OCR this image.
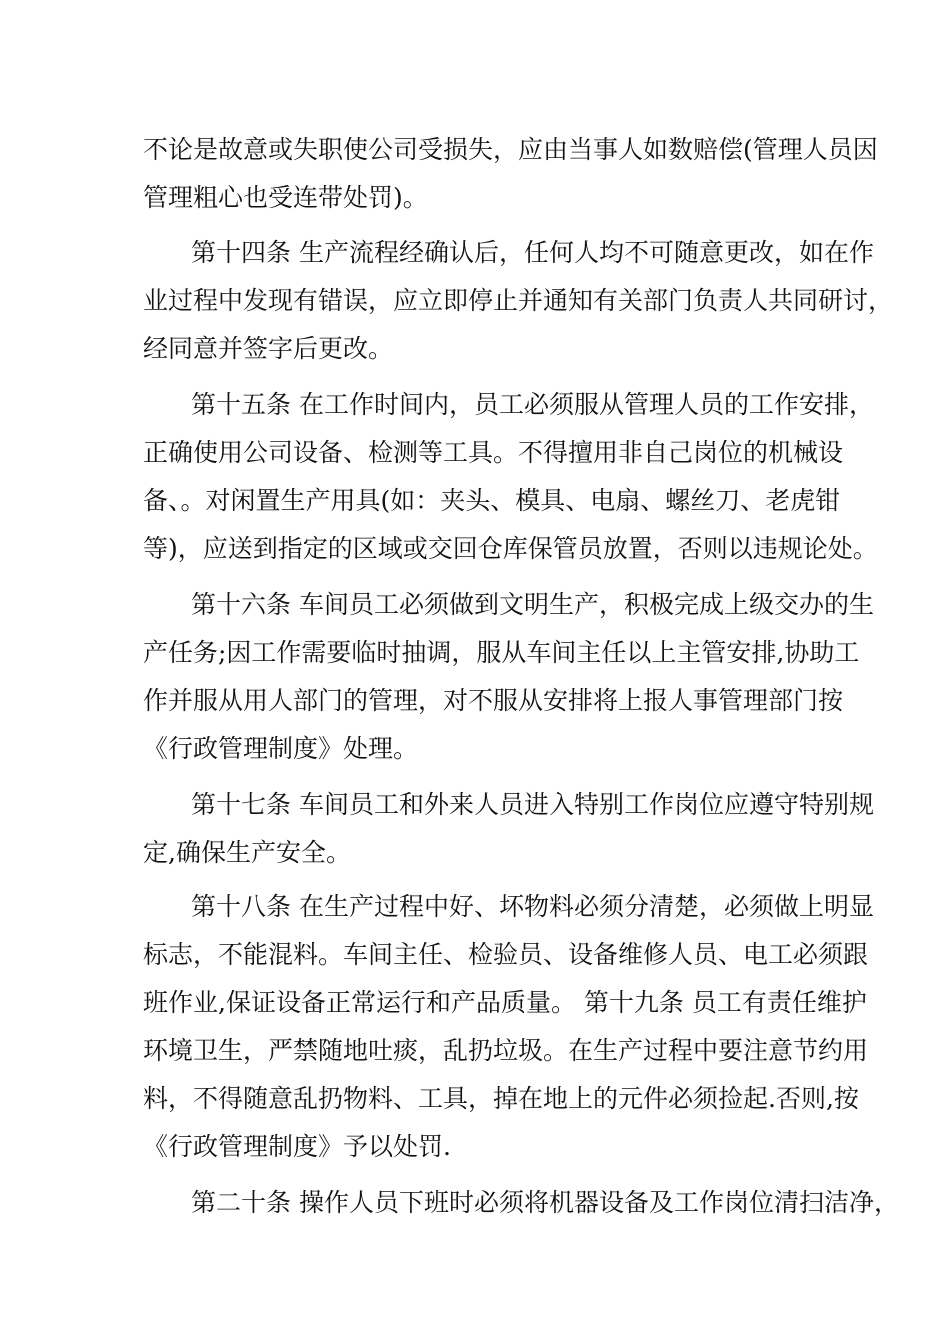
不论是故意或失职使公司受损失，应由当事人如数赔偿(管理人员因
管理粗心也受连带处罚)。
第十四条 生产流程经确认后，任何人均不可随意更改，如在作
业过程中发现有错误，应立即停止并通知有关部门负责人共同研讨，
经同意并签字后更改。
第十五条 在工作时间内，员工必须服从管理人员的工作安排，
正确使用公司设备、检测等工具。不得擅用非自己岗位的机械设
备、。对闲置生产用具(如：夹头、模具、电扇、螺丝刀、老虎钳
等)，应送到指定的区域或交回仓库保管员放置，否则以违规论处。
第十六条 车间员工必须做到文明生产，积极完成上级交办的生
产任务;因工作需要临时抽调，服从车间主任以上主管安排,协助工
作并服从用人部门的管理，对不服从安排将上报人事管理部门按
《行政管理制度》处理。
第十七条 车间员工和外来人员进入特别工作岗位应遵守特别规
定,确保生产安全。
第十八条 在生产过程中好、坏物料必须分清楚，必须做上明显
标志，不能混料。车间主任、检验员、设备维修人员、电工必须跟
班作业,保证设备正常运行和产品质量。 第十九条 员工有责任维护
环境卫生，严禁随地吐痰，乱扔垃圾。在生产过程中要注意节约用
料，不得随意乱扔物料、工具，掉在地上的元件必须捡起.否则,按
《行政管理制度》予以处罚.
第二十条 操作人员下班时必须将机器设备及工作岗位清扫洁净，
